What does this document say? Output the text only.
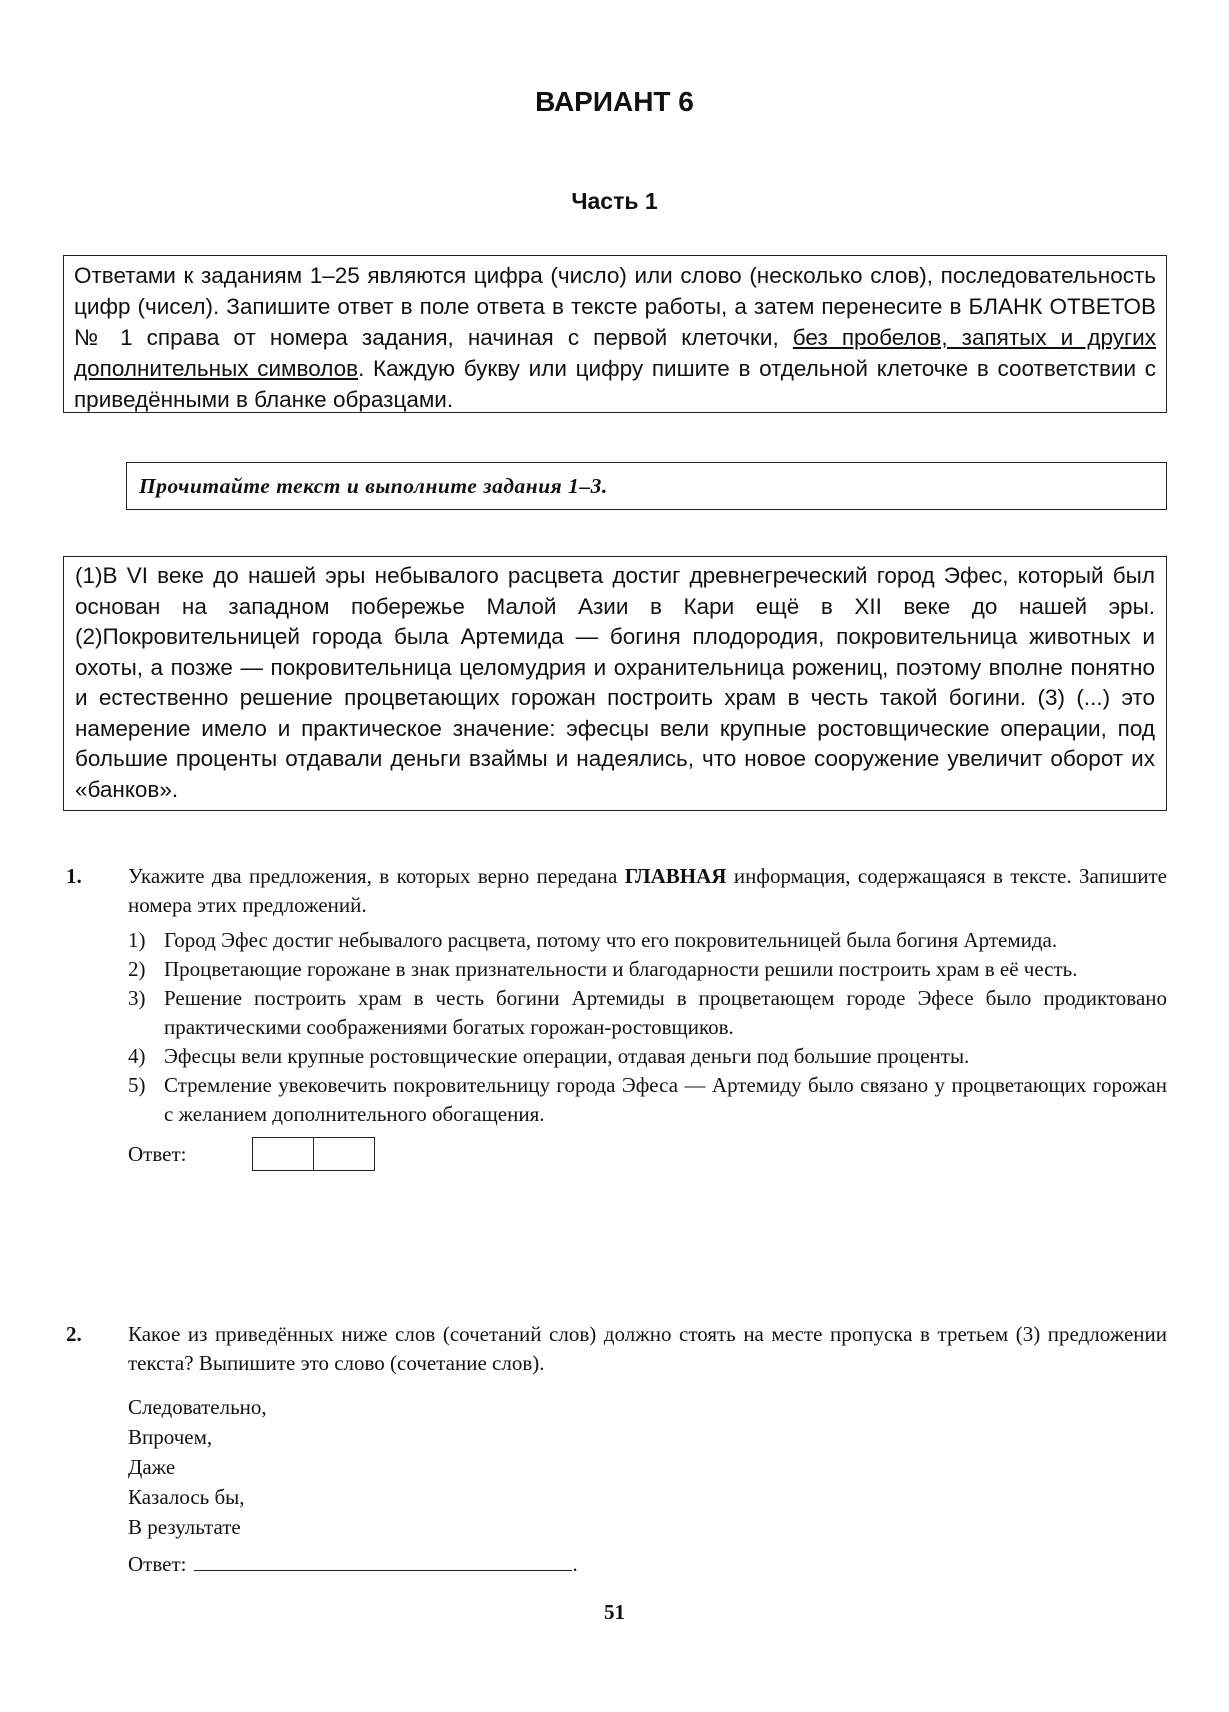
ВАРИАНТ 6
Часть 1
Ответами к заданиям 1–25 являются цифра (число) или слово (несколько слов), последовательность цифр (чисел). Запишите ответ в поле ответа в тексте работы, а затем перенесите в БЛАНК ОТВЕТОВ № 1 справа от номера задания, начиная с первой клеточки, без пробелов, запятых и других дополнительных символов. Каждую букву или цифру пишите в отдельной клеточке в соответствии с приведёнными в бланке образцами.
Прочитайте текст и выполните задания 1–3.
(1)В VI веке до нашей эры небывалого расцвета достиг древнегреческий город Эфес, который был основан на западном побережье Малой Азии в Кари ещё в XII веке до нашей эры. (2)Покровительницей города была Артемида — богиня плодородия, покровительница животных и охоты, а позже — покровительница целомудрия и охранительница рожениц, поэтому вполне понятно и естественно решение процветающих горожан построить храм в честь такой богини. (3) (...) это намерение имело и практическое значение: эфесцы вели крупные ростовщические операции, под большие проценты отдавали деньги взаймы и надеялись, что новое сооружение увеличит оборот их «банков».
1. Укажите два предложения, в которых верно передана ГЛАВНАЯ информация, содержащаяся в тексте. Запишите номера этих предложений.
1) Город Эфес достиг небывалого расцвета, потому что его покровительницей была богиня Артемида.
2) Процветающие горожане в знак признательности и благодарности решили построить храм в её честь.
3) Решение построить храм в честь богини Артемиды в процветающем городе Эфесе было продиктовано практическими соображениями богатых горожан-ростовщиков.
4) Эфесцы вели крупные ростовщические операции, отдавая деньги под большие проценты.
5) Стремление увековечить покровительницу города Эфеса — Артемиду было связано у процветающих горожан с желанием дополнительного обогащения.
Ответ:
2. Какое из приведённых ниже слов (сочетаний слов) должно стоять на месте пропуска в третьем (3) предложении текста? Выпишите это слово (сочетание слов).
Следовательно,
Впрочем,
Даже
Казалось бы,
В результате
Ответ:	.
51
